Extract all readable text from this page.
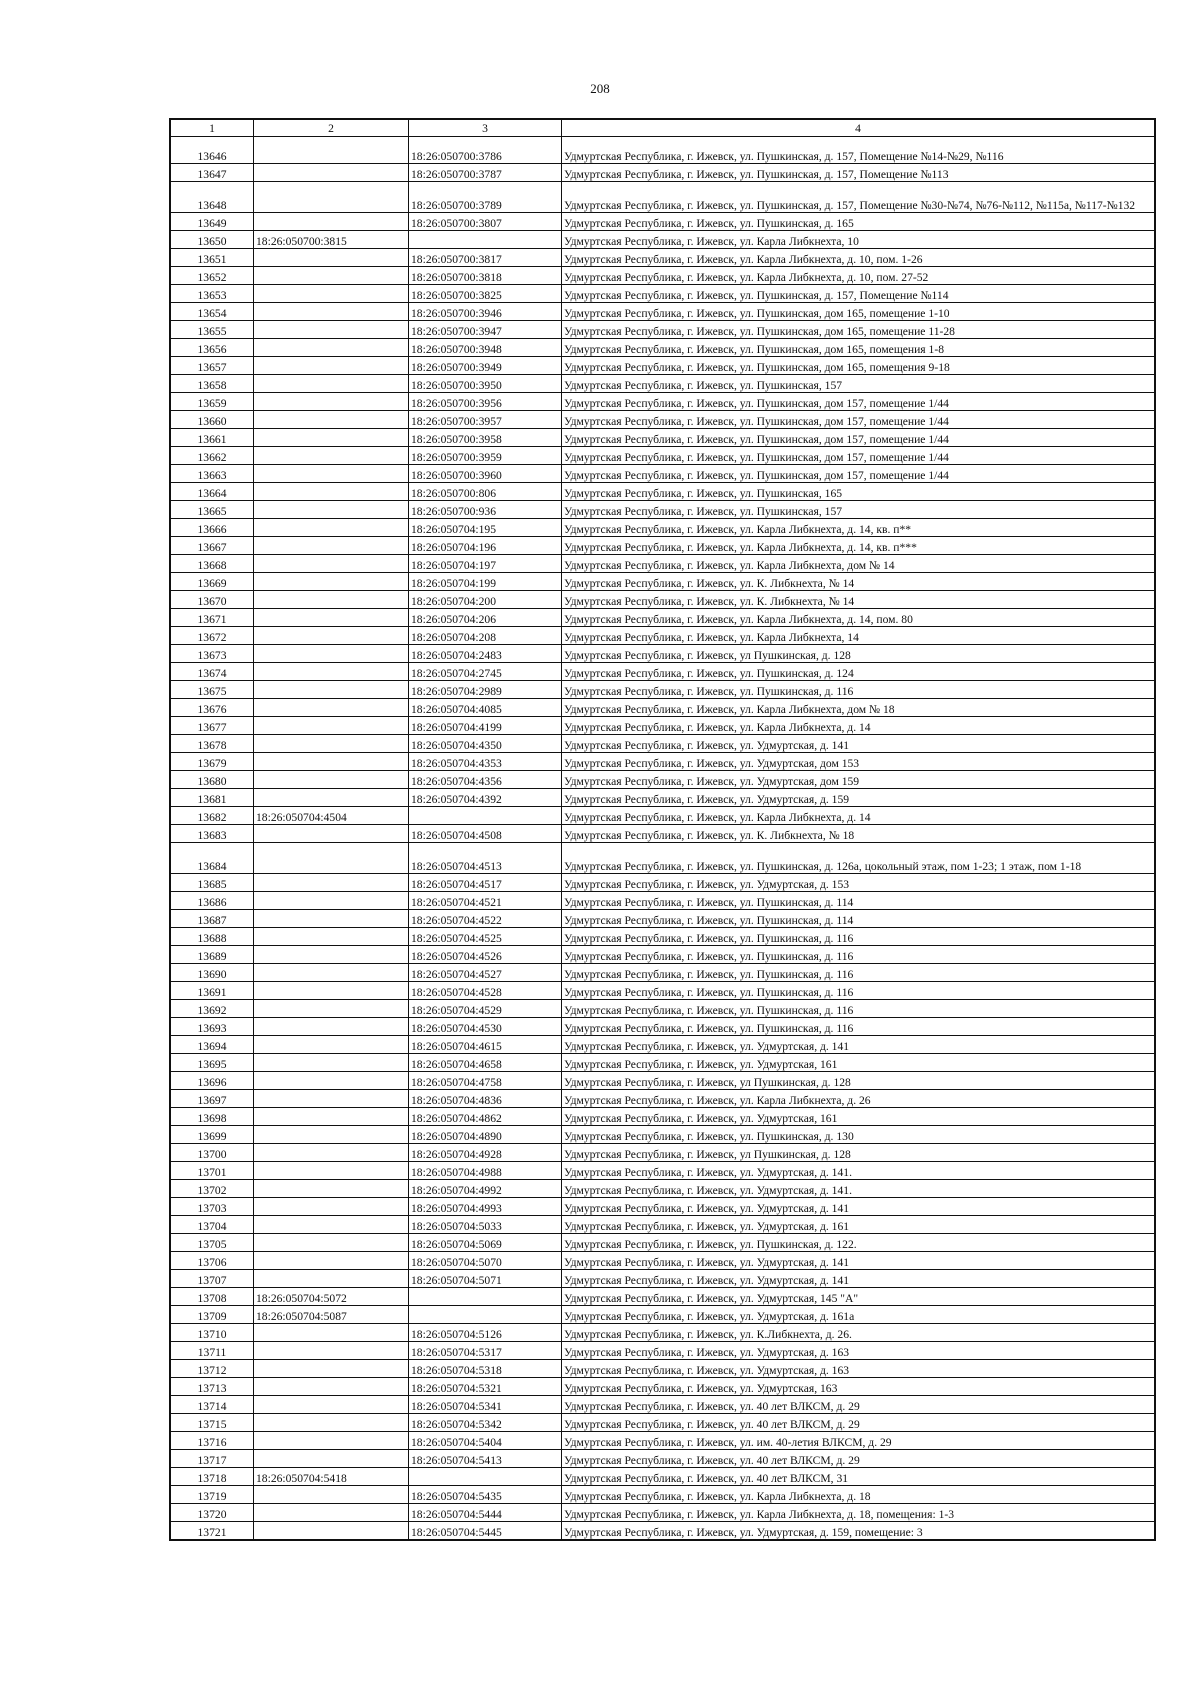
208
1	2	3	4
13646		18:26:050700:3786	Удмуртская Республика, г. Ижевск, ул. Пушкинская, д. 157, Помещение №14-№29, №116
13647		18:26:050700:3787	Удмуртская Республика, г. Ижевск, ул. Пушкинская, д. 157, Помещение №113
13648		18:26:050700:3789	Удмуртская Республика, г. Ижевск, ул. Пушкинская, д. 157, Помещение №30-№74, №76-№112, №115а, №117-№132
13649		18:26:050700:3807	Удмуртская Республика, г. Ижевск, ул. Пушкинская, д. 165
13650	18:26:050700:3815		Удмуртская Республика, г. Ижевск, ул. Карла Либкнехта, 10
13651		18:26:050700:3817	Удмуртская Республика, г. Ижевск, ул. Карла Либкнехта, д. 10, пом. 1-26
13652		18:26:050700:3818	Удмуртская Республика, г. Ижевск, ул. Карла Либкнехта, д. 10, пом. 27-52
13653		18:26:050700:3825	Удмуртская Республика, г. Ижевск, ул. Пушкинская, д. 157, Помещение №114
13654		18:26:050700:3946	Удмуртская Республика, г. Ижевск, ул. Пушкинская, дом 165, помещение 1-10
13655		18:26:050700:3947	Удмуртская Республика, г. Ижевск, ул. Пушкинская, дом 165, помещение 11-28
13656		18:26:050700:3948	Удмуртская Республика, г. Ижевск, ул. Пушкинская, дом 165, помещения 1-8
13657		18:26:050700:3949	Удмуртская Республика, г. Ижевск, ул. Пушкинская, дом 165, помещения 9-18
13658		18:26:050700:3950	Удмуртская Республика, г. Ижевск, ул. Пушкинская, 157
13659		18:26:050700:3956	Удмуртская Республика, г. Ижевск, ул. Пушкинская, дом 157, помещение 1/44
13660		18:26:050700:3957	Удмуртская Республика, г. Ижевск, ул. Пушкинская, дом 157, помещение 1/44
13661		18:26:050700:3958	Удмуртская Республика, г. Ижевск, ул. Пушкинская, дом 157, помещение 1/44
13662		18:26:050700:3959	Удмуртская Республика, г. Ижевск, ул. Пушкинская, дом 157, помещение 1/44
13663		18:26:050700:3960	Удмуртская Республика, г. Ижевск, ул. Пушкинская, дом 157, помещение 1/44
13664		18:26:050700:806	Удмуртская Республика, г. Ижевск, ул. Пушкинская, 165
13665		18:26:050700:936	Удмуртская Республика, г. Ижевск, ул. Пушкинская, 157
13666		18:26:050704:195	Удмуртская Республика, г. Ижевск, ул. Карла Либкнехта, д. 14, кв. п**
13667		18:26:050704:196	Удмуртская Республика, г. Ижевск, ул. Карла Либкнехта, д. 14, кв. п***
13668		18:26:050704:197	Удмуртская Республика, г. Ижевск, ул. Карла Либкнехта, дом № 14
13669		18:26:050704:199	Удмуртская Республика, г. Ижевск, ул. К. Либкнехта, № 14
13670		18:26:050704:200	Удмуртская Республика, г. Ижевск, ул. К. Либкнехта, № 14
13671		18:26:050704:206	Удмуртская Республика, г. Ижевск, ул. Карла Либкнехта, д. 14, пом. 80
13672		18:26:050704:208	Удмуртская Республика, г. Ижевск, ул. Карла Либкнехта, 14
13673		18:26:050704:2483	Удмуртская Республика, г. Ижевск, ул Пушкинская, д. 128
13674		18:26:050704:2745	Удмуртская Республика, г. Ижевск, ул. Пушкинская, д. 124
13675		18:26:050704:2989	Удмуртская Республика, г. Ижевск, ул. Пушкинская, д. 116
13676		18:26:050704:4085	Удмуртская Республика, г. Ижевск, ул. Карла Либкнехта, дом № 18
13677		18:26:050704:4199	Удмуртская Республика, г. Ижевск, ул. Карла Либкнехта, д. 14
13678		18:26:050704:4350	Удмуртская Республика, г. Ижевск, ул. Удмуртская, д. 141
13679		18:26:050704:4353	Удмуртская Республика, г. Ижевск, ул. Удмуртская, дом 153
13680		18:26:050704:4356	Удмуртская Республика, г. Ижевск, ул. Удмуртская, дом 159
13681		18:26:050704:4392	Удмуртская Республика, г. Ижевск, ул. Удмуртская, д. 159
13682	18:26:050704:4504		Удмуртская Республика, г. Ижевск, ул. Карла Либкнехта, д. 14
13683		18:26:050704:4508	Удмуртская Республика, г. Ижевск, ул. К. Либкнехта, № 18
13684		18:26:050704:4513	Удмуртская Республика, г. Ижевск, ул. Пушкинская, д. 126а, цокольный этаж, пом 1-23; 1 этаж, пом 1-18
13685		18:26:050704:4517	Удмуртская Республика, г. Ижевск, ул. Удмуртская, д. 153
13686		18:26:050704:4521	Удмуртская Республика, г. Ижевск, ул. Пушкинская, д. 114
13687		18:26:050704:4522	Удмуртская Республика, г. Ижевск, ул. Пушкинская, д. 114
13688		18:26:050704:4525	Удмуртская Республика, г. Ижевск, ул. Пушкинская, д. 116
13689		18:26:050704:4526	Удмуртская Республика, г. Ижевск, ул. Пушкинская, д. 116
13690		18:26:050704:4527	Удмуртская Республика, г. Ижевск, ул. Пушкинская, д. 116
13691		18:26:050704:4528	Удмуртская Республика, г. Ижевск, ул. Пушкинская, д. 116
13692		18:26:050704:4529	Удмуртская Республика, г. Ижевск, ул. Пушкинская, д. 116
13693		18:26:050704:4530	Удмуртская Республика, г. Ижевск, ул. Пушкинская, д. 116
13694		18:26:050704:4615	Удмуртская Республика, г. Ижевск, ул. Удмуртская, д. 141
13695		18:26:050704:4658	Удмуртская Республика, г. Ижевск, ул. Удмуртская, 161
13696		18:26:050704:4758	Удмуртская Республика, г. Ижевск, ул Пушкинская, д. 128
13697		18:26:050704:4836	Удмуртская Республика, г. Ижевск, ул. Карла Либкнехта, д. 26
13698		18:26:050704:4862	Удмуртская Республика, г. Ижевск, ул. Удмуртская, 161
13699		18:26:050704:4890	Удмуртская Республика, г. Ижевск, ул. Пушкинская, д. 130
13700		18:26:050704:4928	Удмуртская Республика, г. Ижевск, ул Пушкинская, д. 128
13701		18:26:050704:4988	Удмуртская Республика, г. Ижевск, ул. Удмуртская, д. 141.
13702		18:26:050704:4992	Удмуртская Республика, г. Ижевск, ул. Удмуртская, д. 141.
13703		18:26:050704:4993	Удмуртская Республика, г. Ижевск, ул. Удмуртская, д. 141
13704		18:26:050704:5033	Удмуртская Республика, г. Ижевск, ул. Удмуртская, д. 161
13705		18:26:050704:5069	Удмуртская Республика, г. Ижевск, ул. Пушкинская, д. 122.
13706		18:26:050704:5070	Удмуртская Республика, г. Ижевск, ул. Удмуртская, д. 141
13707		18:26:050704:5071	Удмуртская Республика, г. Ижевск, ул. Удмуртская, д. 141
13708	18:26:050704:5072		Удмуртская Республика, г. Ижевск, ул. Удмуртская, 145 "А"
13709	18:26:050704:5087		Удмуртская Республика, г. Ижевск, ул. Удмуртская, д. 161а
13710		18:26:050704:5126	Удмуртская Республика, г. Ижевск, ул. К.Либкнехта, д. 26.
13711		18:26:050704:5317	Удмуртская Республика, г. Ижевск, ул. Удмуртская, д. 163
13712		18:26:050704:5318	Удмуртская Республика, г. Ижевск, ул. Удмуртская, д. 163
13713		18:26:050704:5321	Удмуртская Республика, г. Ижевск, ул. Удмуртская, 163
13714		18:26:050704:5341	Удмуртская Республика, г. Ижевск, ул. 40 лет ВЛКСМ, д. 29
13715		18:26:050704:5342	Удмуртская Республика, г. Ижевск, ул. 40 лет ВЛКСМ, д. 29
13716		18:26:050704:5404	Удмуртская Республика, г. Ижевск, ул. им. 40-летия ВЛКСМ, д. 29
13717		18:26:050704:5413	Удмуртская Республика, г. Ижевск, ул. 40 лет ВЛКСМ, д. 29
13718	18:26:050704:5418		Удмуртская Республика, г. Ижевск, ул. 40 лет ВЛКСМ, 31
13719		18:26:050704:5435	Удмуртская Республика, г. Ижевск, ул. Карла Либкнехта, д. 18
13720		18:26:050704:5444	Удмуртская Республика, г. Ижевск, ул. Карла Либкнехта, д. 18, помещения: 1-3
13721		18:26:050704:5445	Удмуртская Республика, г. Ижевск, ул. Удмуртская, д. 159, помещение: 3
